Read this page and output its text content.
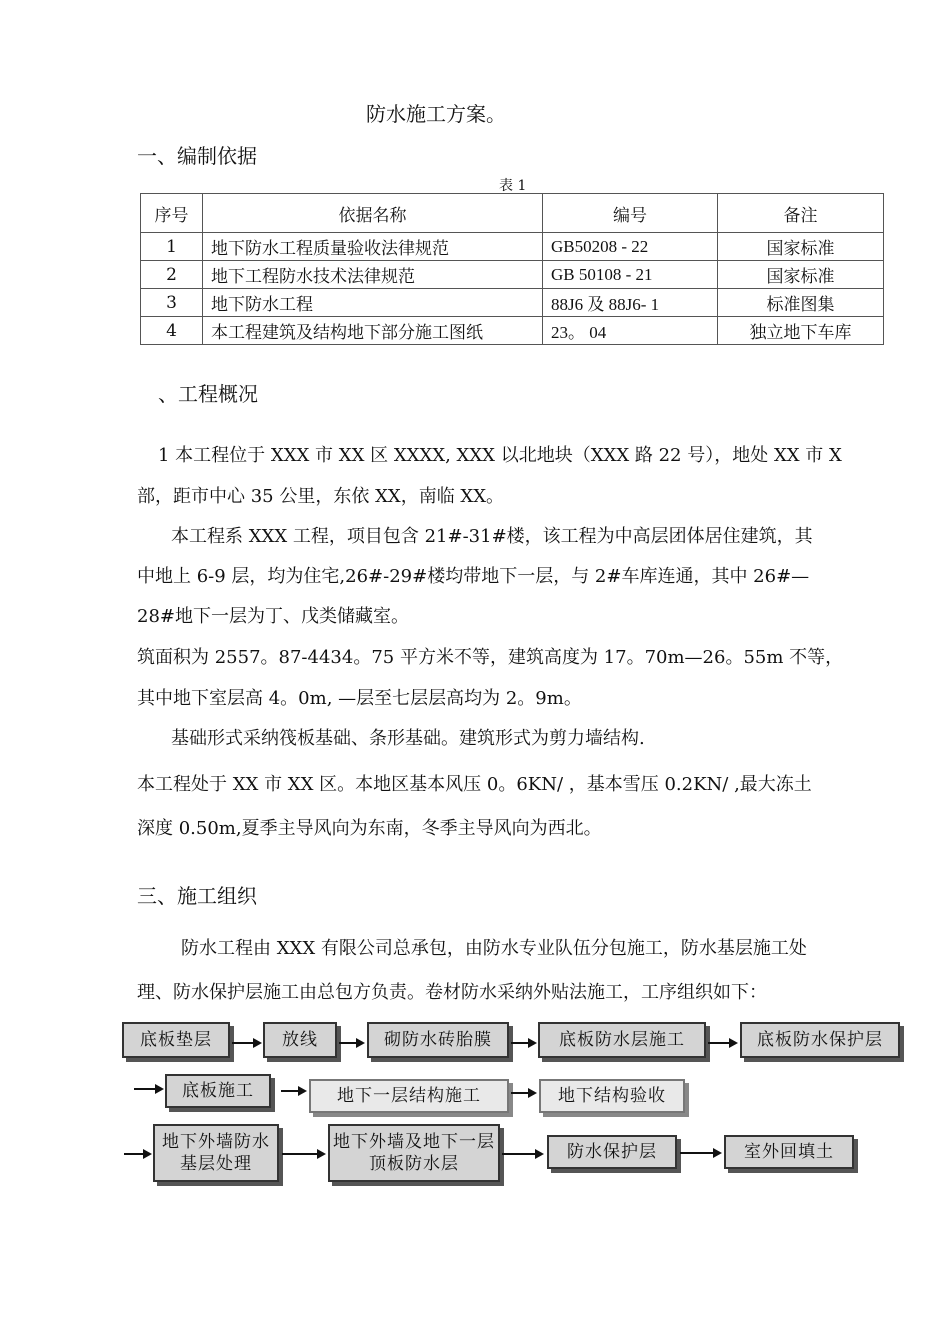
防水施工方案。
一、编制依据
表 1
序号	依据名称	编号	备注
1	地下防水工程质量验收法律规范	GB50208 - 22	国家标准
2	地下工程防水技术法律规范	GB 50108 - 21	国家标准
3	地下防水工程	88J6 及 88J6- 1	标准图集
4	本工程建筑及结构地下部分施工图纸	23。 04	独立地下车库
、工程概况
1 本工程位于 XXX 市 XX 区 XXXX, XXX 以北地块（XXX 路 22 号），地处 XX 市 X
部，距市中心 35 公里，东依 XX，南临 XX。
本工程系 XXX 工程，项目包含 21#-31#楼，该工程为中高层团体居住建筑，其
中地上 6-9 层，均为住宅,26#-29#楼均带地下一层，与 2#车库连通，其中 26#—
28#地下一层为丁、戊类储藏室。
筑面积为 2557。87-4434。75 平方米不等，建筑高度为 17。70m—26。55m 不等，
其中地下室层高 4。0m, —层至七层层高均为 2。9m。
基础形式采纳筏板基础、条形基础。建筑形式为剪力墙结构.
本工程处于 XX 市 XX 区。本地区基本风压 0。6KN/ ，基本雪压 0.2KN/ ,最大冻土
深度 0.50m,夏季主导风向为东南，冬季主导风向为西北。
三、施工组织
防水工程由 XXX 有限公司总承包，由防水专业队伍分包施工，防水基层施工处
理、防水保护层施工由总包方负责。卷材防水采纳外贴法施工，工序组织如下：
底板垫层	放线	砌防水砖胎膜	底板防水层施工	底板防水保护层
底板施工	地下一层结构施工	地下结构验收
地下外墙防水基层处理
地下外墙及地下一层顶板防水层
防水保护层	室外回填土
